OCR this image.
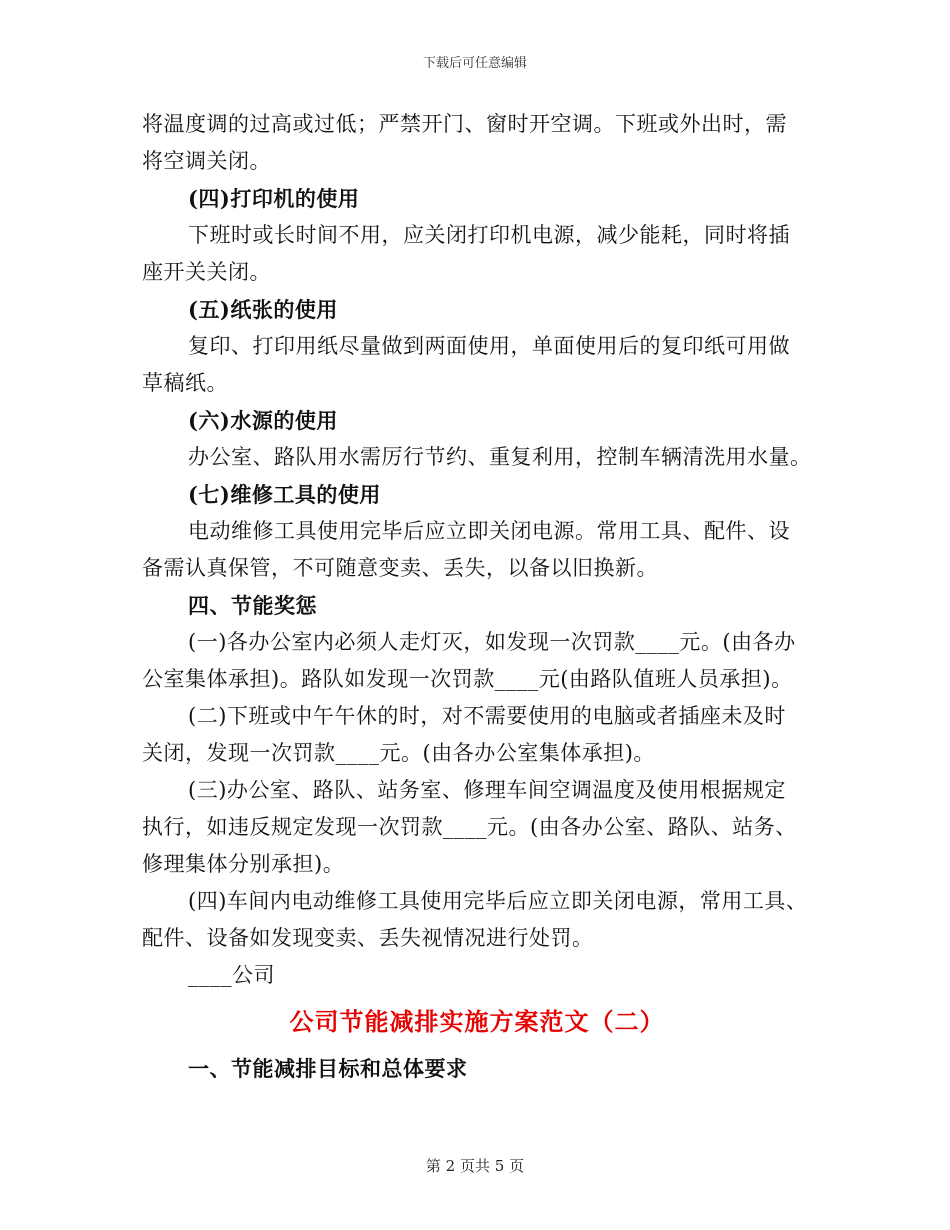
下载后可任意编辑
将温度调的过高或过低；严禁开门、窗时开空调。下班或外出时，需
将空调关闭。
(四)打印机的使用
下班时或长时间不用，应关闭打印机电源，减少能耗，同时将插
座开关关闭。
(五)纸张的使用
复印、打印用纸尽量做到两面使用，单面使用后的复印纸可用做
草稿纸。
(六)水源的使用
办公室、路队用水需厉行节约、重复利用，控制车辆清洗用水量。
(七)维修工具的使用
电动维修工具使用完毕后应立即关闭电源。常用工具、配件、设
备需认真保管，不可随意变卖、丢失，以备以旧换新。
四、节能奖惩
(一)各办公室内必须人走灯灭，如发现一次罚款____元。(由各办
公室集体承担)。路队如发现一次罚款____元(由路队值班人员承担)。
(二)下班或中午午休的时，对不需要使用的电脑或者插座未及时
关闭，发现一次罚款____元。(由各办公室集体承担)。
(三)办公室、路队、站务室、修理车间空调温度及使用根据规定
执行，如违反规定发现一次罚款____元。(由各办公室、路队、站务、
修理集体分别承担)。
(四)车间内电动维修工具使用完毕后应立即关闭电源，常用工具、
配件、设备如发现变卖、丢失视情况进行处罚。
____公司
公司节能减排实施方案范文（二）
一、节能减排目标和总体要求
第 2 页共 5 页
